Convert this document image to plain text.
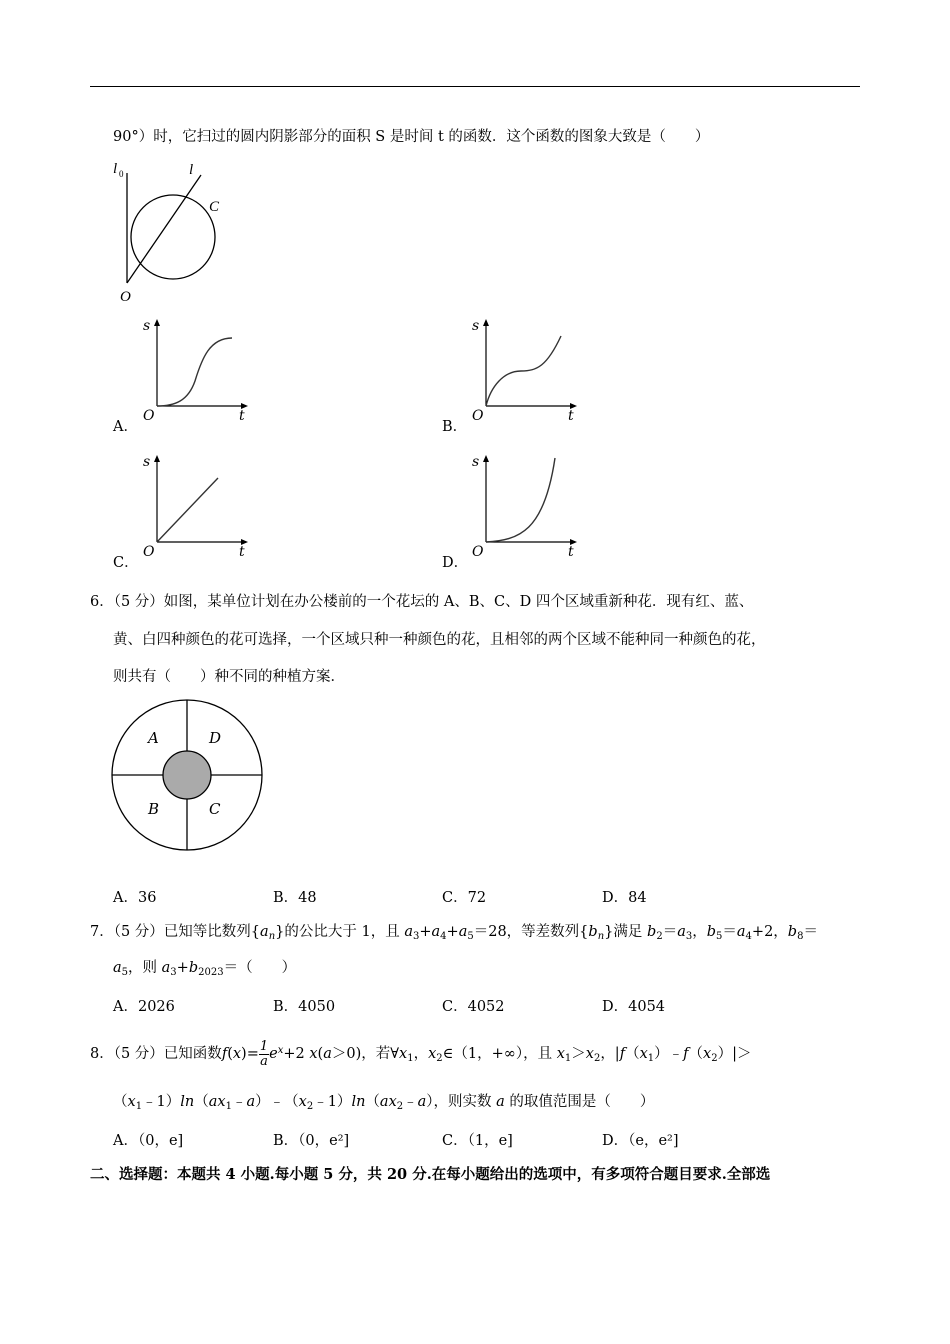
90°）时，它扫过的圆内阴影部分的面积 S 是时间 t 的函数．这个函数的图象大致是（　　）
l 0	l
C
O
s
O	t
A．
s
O	t
B．
s
O	t
C．
s
O	t
D．
6．（5 分）如图，某单位计划在办公楼前的一个花坛的 A、B、C、D 四个区域重新种花．现有红、蓝、
黄、白四种颜色的花可选择，一个区域只种一种颜色的花，且相邻的两个区域不能种同一种颜色的花，
则共有（　　）种不同的种植方案．
A	D
B	C
A．36	B．48	C．72	D．84
7．（5 分）已知等比数列$\{a_n\}$的公比大于 1，且 $a_3+a_4+a_5=28$，等差数列$\{b_n\}$满足 $b_2=a_3$，$b_5=a_4+2$，$b_8=$
$a_5$，则 $a_3+b_{2023}=$（　　）
A．2026	B．4050	C．4052	D．4054
8．（5 分）已知函数$f(x)= \frac{1}{a} e^x+2$ x(a＞0)，若$\forall x_1$，$x_2\in(1$，+∞），且 $x_1>x_2$，$|f(x_1)﹣f(x_2)|>$
$(x_1﹣1)\ln(ax_1﹣a)﹣(x_2﹣1)\ln(ax_2﹣a)$，则实数 a 的取值范围是（　　）
A．（0，e]	B．（0，e²]	C．（1，e]	D．（e，e²]
二、选择题：本题共 4 小题.每小题 5 分，共 20 分.在每小题给出的选项中，有多项符合题目要求.全部选
